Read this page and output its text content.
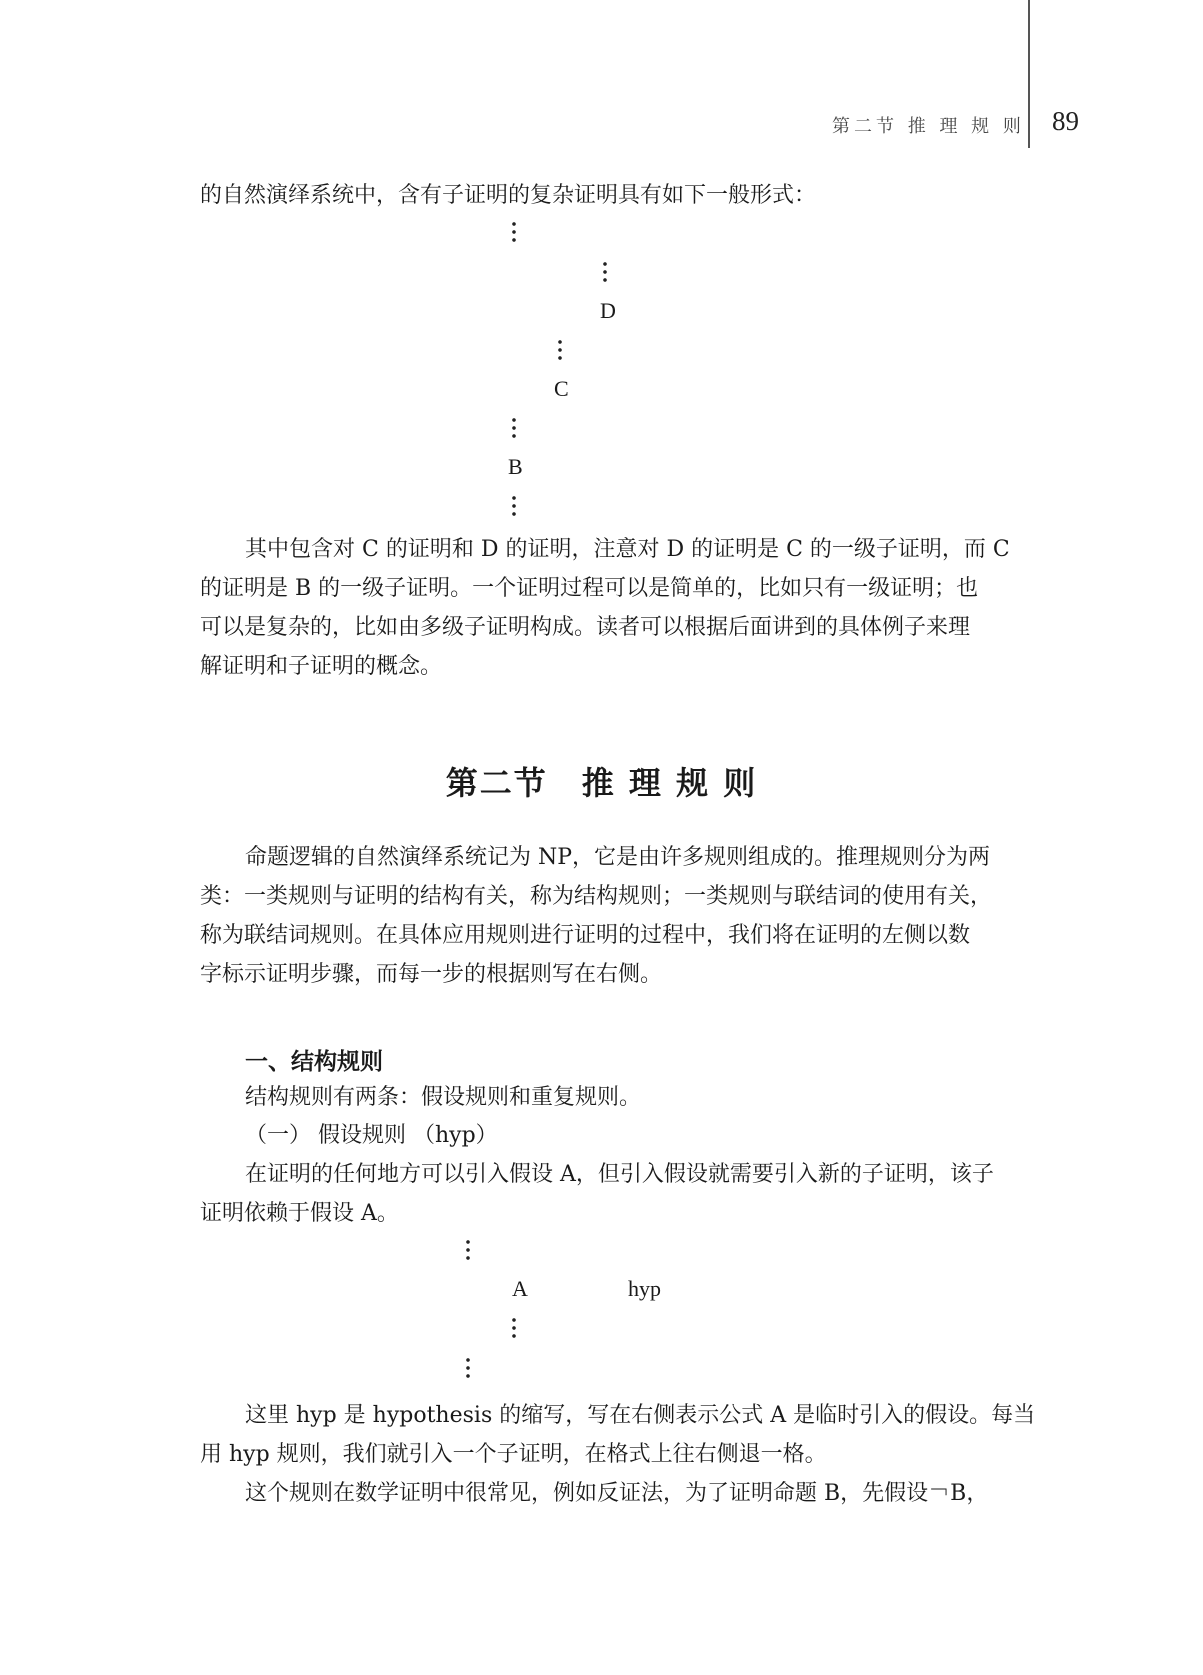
第二节 推 理 规 则 89
的自然演绎系统中，含有子证明的复杂证明具有如下一般形式：
D
C
B
其中包含对 C 的证明和 D 的证明，注意对 D 的证明是 C 的一级子证明，而 C
的证明是 B 的一级子证明。一个证明过程可以是简单的，比如只有一级证明；也
可以是复杂的，比如由多级子证明构成。读者可以根据后面讲到的具体例子来理
解证明和子证明的概念。
第二节　推 理 规 则
命题逻辑的自然演绎系统记为 NP，它是由许多规则组成的。推理规则分为两
类：一类规则与证明的结构有关，称为结构规则；一类规则与联结词的使用有关，
称为联结词规则。在具体应用规则进行证明的过程中，我们将在证明的左侧以数
字标示证明步骤，而每一步的根据则写在右侧。
一、结构规则
结构规则有两条：假设规则和重复规则。
（一） 假设规则 （hyp）
在证明的任何地方可以引入假设 A，但引入假设就需要引入新的子证明，该子
证明依赖于假设 A。
A	hyp
这里 hyp 是 hypothesis 的缩写，写在右侧表示公式 A 是临时引入的假设。每当
用 hyp 规则，我们就引入一个子证明，在格式上往右侧退一格。
这个规则在数学证明中很常见，例如反证法，为了证明命题 B，先假设￢B，
